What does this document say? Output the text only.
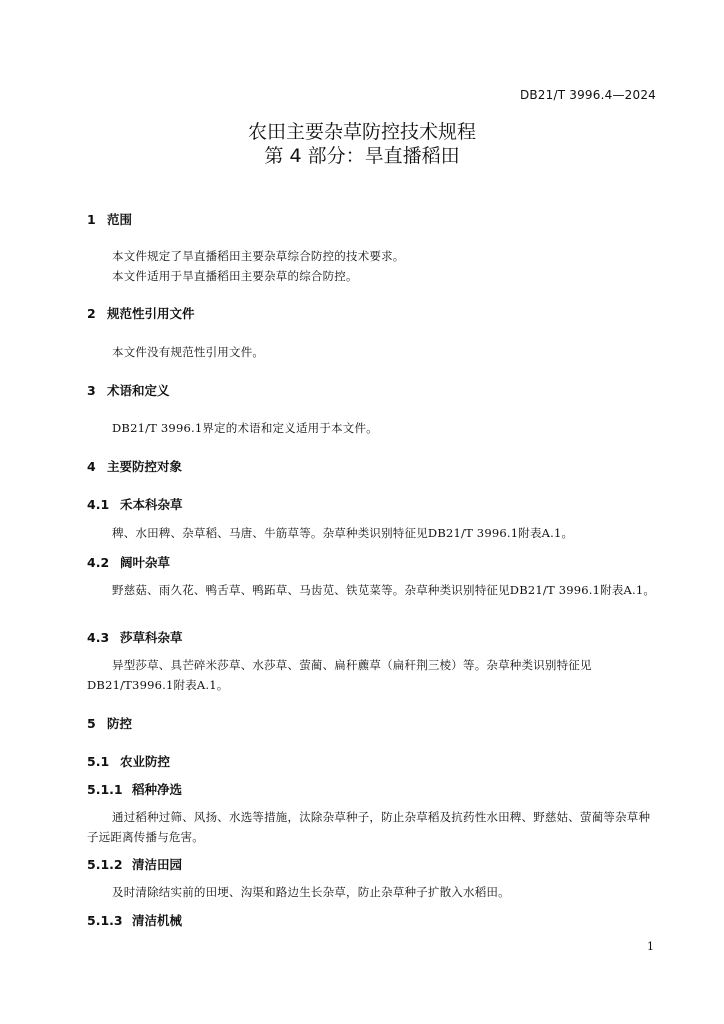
DB21/T 3996.4—2024
农田主要杂草防控技术规程
第 4 部分：旱直播稻田
1 范围

本文件规定了旱直播稻田主要杂草综合防控的技术要求。

本文件适用于旱直播稻田主要杂草的综合防控。

2 规范性引用文件

本文件没有规范性引用文件。

3 术语和定义

DB21/T 3996.1界定的术语和定义适用于本文件。

4 主要防控对象
4.1 禾本科杂草

稗、水田稗、杂草稻、马唐、牛筋草等。杂草种类识别特征见DB21/T 3996.1附表A.1。

4.2 阔叶杂草

野慈菇、雨久花、鸭舌草、鸭跖草、马齿苋、铁苋菜等。杂草种类识别特征见DB21/T 3996.1附表A.1。

4.3 莎草科杂草

异型莎草、具芒碎米莎草、水莎草、萤蔺、扁秆藨草（扁秆荆三棱）等。杂草种类识别特征见DB21/T3996.1附表A.1。

5 防控
5.1 农业防控
5.1.1 稻种净选

通过稻种过筛、风扬、水选等措施，汰除杂草种子，防止杂草稻及抗药性水田稗、野慈姑、萤蔺等杂草种子远距离传播与危害。

5.1.2 清洁田园

及时清除结实前的田埂、沟渠和路边生长杂草，防止杂草种子扩散入水稻田。

5.1.3 清洁机械
1
